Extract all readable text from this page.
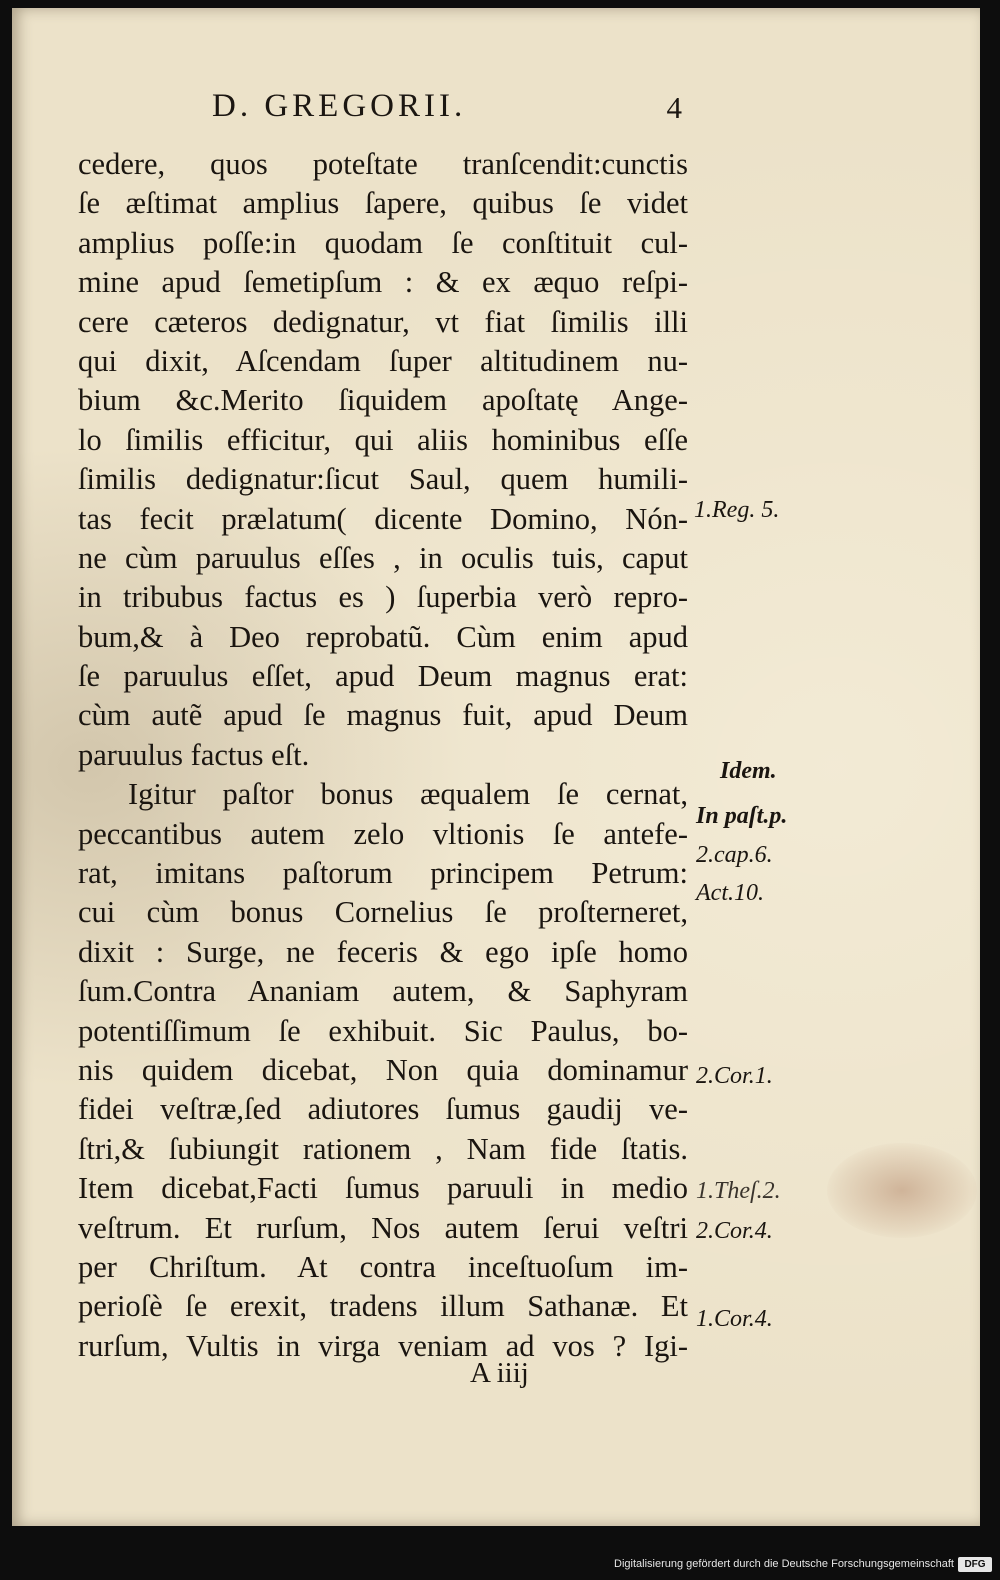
D. GREGORII.	4
cedere, quos poteſtate tranſcendit:cunctis
ſe æſtimat amplius ſapere, quibus ſe videt
amplius poſſe:in quodam ſe conſtituit cul-
mine apud ſemetipſum : & ex æquo reſpi-
cere cæteros dedignatur, vt fiat ſimilis illi
qui dixit, Aſcendam ſuper altitudinem nu-
bium &c.Merito ſiquidem apoſtatę Ange-
lo ſimilis efficitur, qui aliis hominibus eſſe
ſimilis dedignatur:ſicut Saul, quem humili-
tas fecit prælatum( dicente Domino, Nón-
ne cùm paruulus eſſes , in oculis tuis, caput
in tribubus factus es ) ſuperbia verò repro-
bum,& à Deo reprobatũ. Cùm enim apud
ſe paruulus eſſet, apud Deum magnus erat:
cùm autẽ apud ſe magnus fuit, apud Deum
paruulus factus eſt.
Igitur paſtor bonus æqualem ſe cernat,
peccantibus autem zelo vltionis ſe antefe-
rat, imitans paſtorum principem Petrum:
cui cùm bonus Cornelius ſe proſterneret,
dixit : Surge, ne feceris & ego ipſe homo
ſum.Contra Ananiam autem, & Saphyram
potentiſſimum ſe exhibuit. Sic Paulus, bo-
nis quidem dicebat, Non quia dominamur
fidei veſtræ,ſed adiutores ſumus gaudij ve-
ſtri,& ſubiungit rationem , Nam fide ſtatis.
Item dicebat,Facti ſumus paruuli in medio
veſtrum. Et rurſum, Nos autem ſerui veſtri
per Chriſtum. At contra inceſtuoſum im-
perioſè ſe erexit, tradens illum Sathanæ. Et
rurſum, Vultis in virga veniam ad vos ? Igi-
1.Reg. 5.
Idem.
In paſt.p.
2.cap.6.
Act.10.
2.Cor.1.
1.Theſ.2.
2.Cor.4.
1.Cor.4.
A iiij
Digitalisierung gefördert durch die Deutsche Forschungsgemeinschaft	DFG
